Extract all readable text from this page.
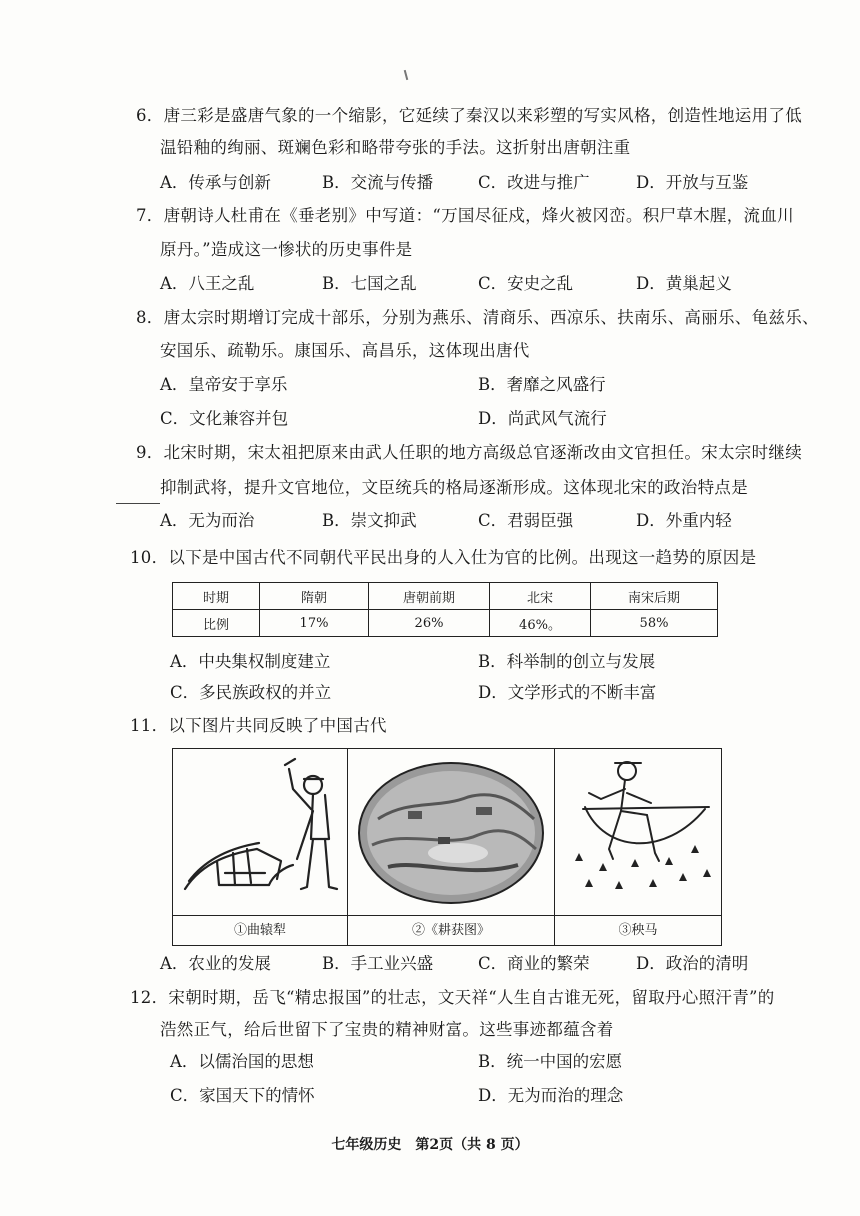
6．唐三彩是盛唐气象的一个缩影，它延续了秦汉以来彩塑的写实风格，创造性地运用了低
温铅釉的绚丽、斑斓色彩和略带夸张的手法。这折射出唐朝注重
A．传承与创新	B．交流与传播	C．改进与推广	D．开放与互鉴
7．唐朝诗人杜甫在《垂老别》中写道：“万国尽征戍，烽火被冈峦。积尸草木腥，流血川
原丹。”造成这一惨状的历史事件是
A．八王之乱	B．七国之乱	C．安史之乱	D．黄巢起义
8．唐太宗时期增订完成十部乐，分别为燕乐、清商乐、西凉乐、扶南乐、高丽乐、龟兹乐、
安国乐、疏勒乐。康国乐、高昌乐，这体现出唐代
A．皇帝安于享乐	B．奢靡之风盛行
C．文化兼容并包	D．尚武风气流行
9．北宋时期，宋太祖把原来由武人任职的地方高级总官逐渐改由文官担任。宋太宗时继续
抑制武将，提升文官地位，文臣统兵的格局逐渐形成。这体现北宋的政治特点是
A．无为而治	B．崇文抑武	C．君弱臣强	D．外重内轻
10．以下是中国古代不同朝代平民出身的人入仕为官的比例。出现这一趋势的原因是
时期	隋朝	唐朝前期	北宋	南宋后期
比例	17%	26%	46%。	58%
A．中央集权制度建立	B．科举制的创立与发展
C．多民族政权的并立	D．文学形式的不断丰富
11．以下图片共同反映了中国古代
①曲辕犁	②《耕获图》	③秧马
A．农业的发展	B．手工业兴盛	C．商业的繁荣	D．政治的清明
12．宋朝时期，岳飞“精忠报国”的壮志，文天祥“人生自古谁无死，留取丹心照汗青”的
浩然正气，给后世留下了宝贵的精神财富。这些事迹都蕴含着
A．以儒治国的思想	B．统一中国的宏愿
C．家国天下的情怀	D．无为而治的理念
七年级历史　第2页（共 8 页）
